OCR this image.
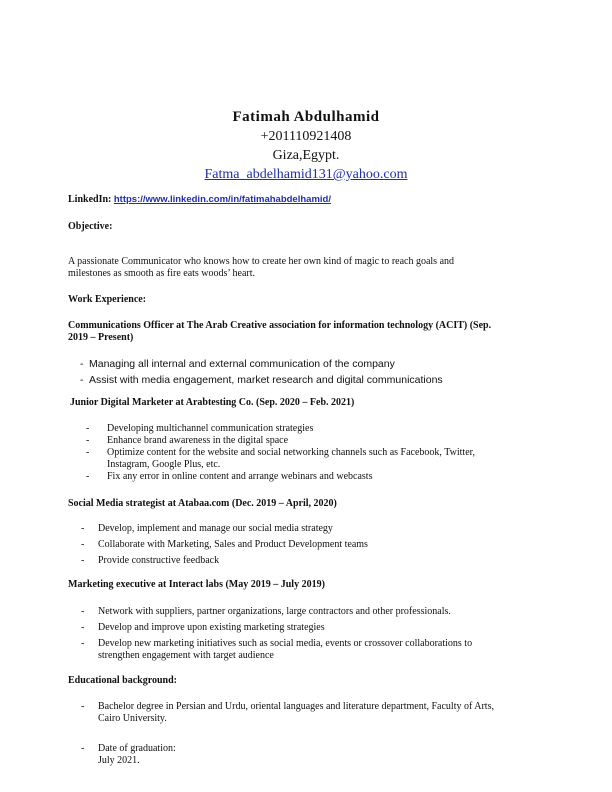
Fatimah Abdulhamid
+201110921408
Giza,Egypt.
Fatma_abdelhamid131@yahoo.com
LinkedIn: https://www.linkedin.com/in/fatimahabdelhamid/
Objective:
A passionate Communicator who knows how to create her own kind of magic to reach goals and milestones as smooth as fire eats woods’ heart.
Work Experience:
Communications Officer at The Arab Creative association for information technology (ACIT) (Sep. 2019 – Present)
- Managing all internal and external communication of the company
- Assist with media engagement, market research and digital communications
Junior Digital Marketer at Arabtesting Co. (Sep. 2020 – Feb. 2021)
- Developing multichannel communication strategies
- Enhance brand awareness in the digital space
- Optimize content for the website and social networking channels such as Facebook, Twitter, Instagram, Google Plus, etc.
- Fix any error in online content and arrange webinars and webcasts
Social Media strategist at Atabaa.com (Dec. 2019 – April, 2020)
- Develop, implement and manage our social media strategy
- Collaborate with Marketing, Sales and Product Development teams
- Provide constructive feedback
Marketing executive at Interact labs (May 2019 – July 2019)
- Network with suppliers, partner organizations, large contractors and other professionals.
- Develop and improve upon existing marketing strategies
- Develop new marketing initiatives such as social media, events or crossover collaborations to strengthen engagement with target audience
Educational background:
- Bachelor degree in Persian and Urdu, oriental languages and literature department, Faculty of Arts, Cairo University.
- Date of graduation:
July 2021.
